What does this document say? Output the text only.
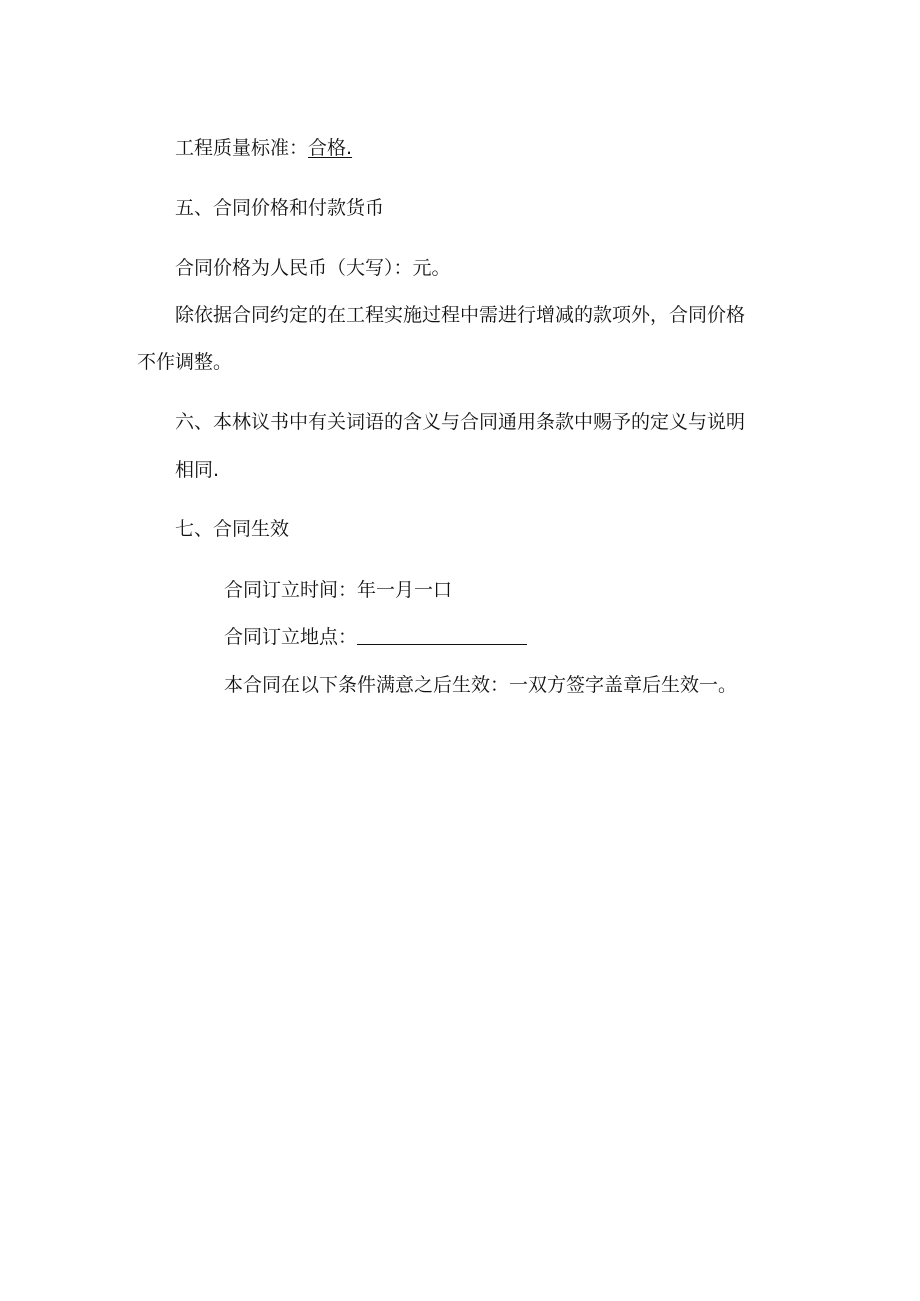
工程质量标准：合格.

五、合同价格和付款货币

合同价格为人民币（大写）：元。

除依据合同约定的在工程实施过程中需进行增减的款项外，合同价格

不作调整。

六、本林议书中有关词语的含义与合同通用条款中赐予的定义与说明

相同.

七、合同生效

合同订立时间：年一月一口

合同订立地点：

本合同在以下条件满意之后生效：一双方签字盖章后生效一。
